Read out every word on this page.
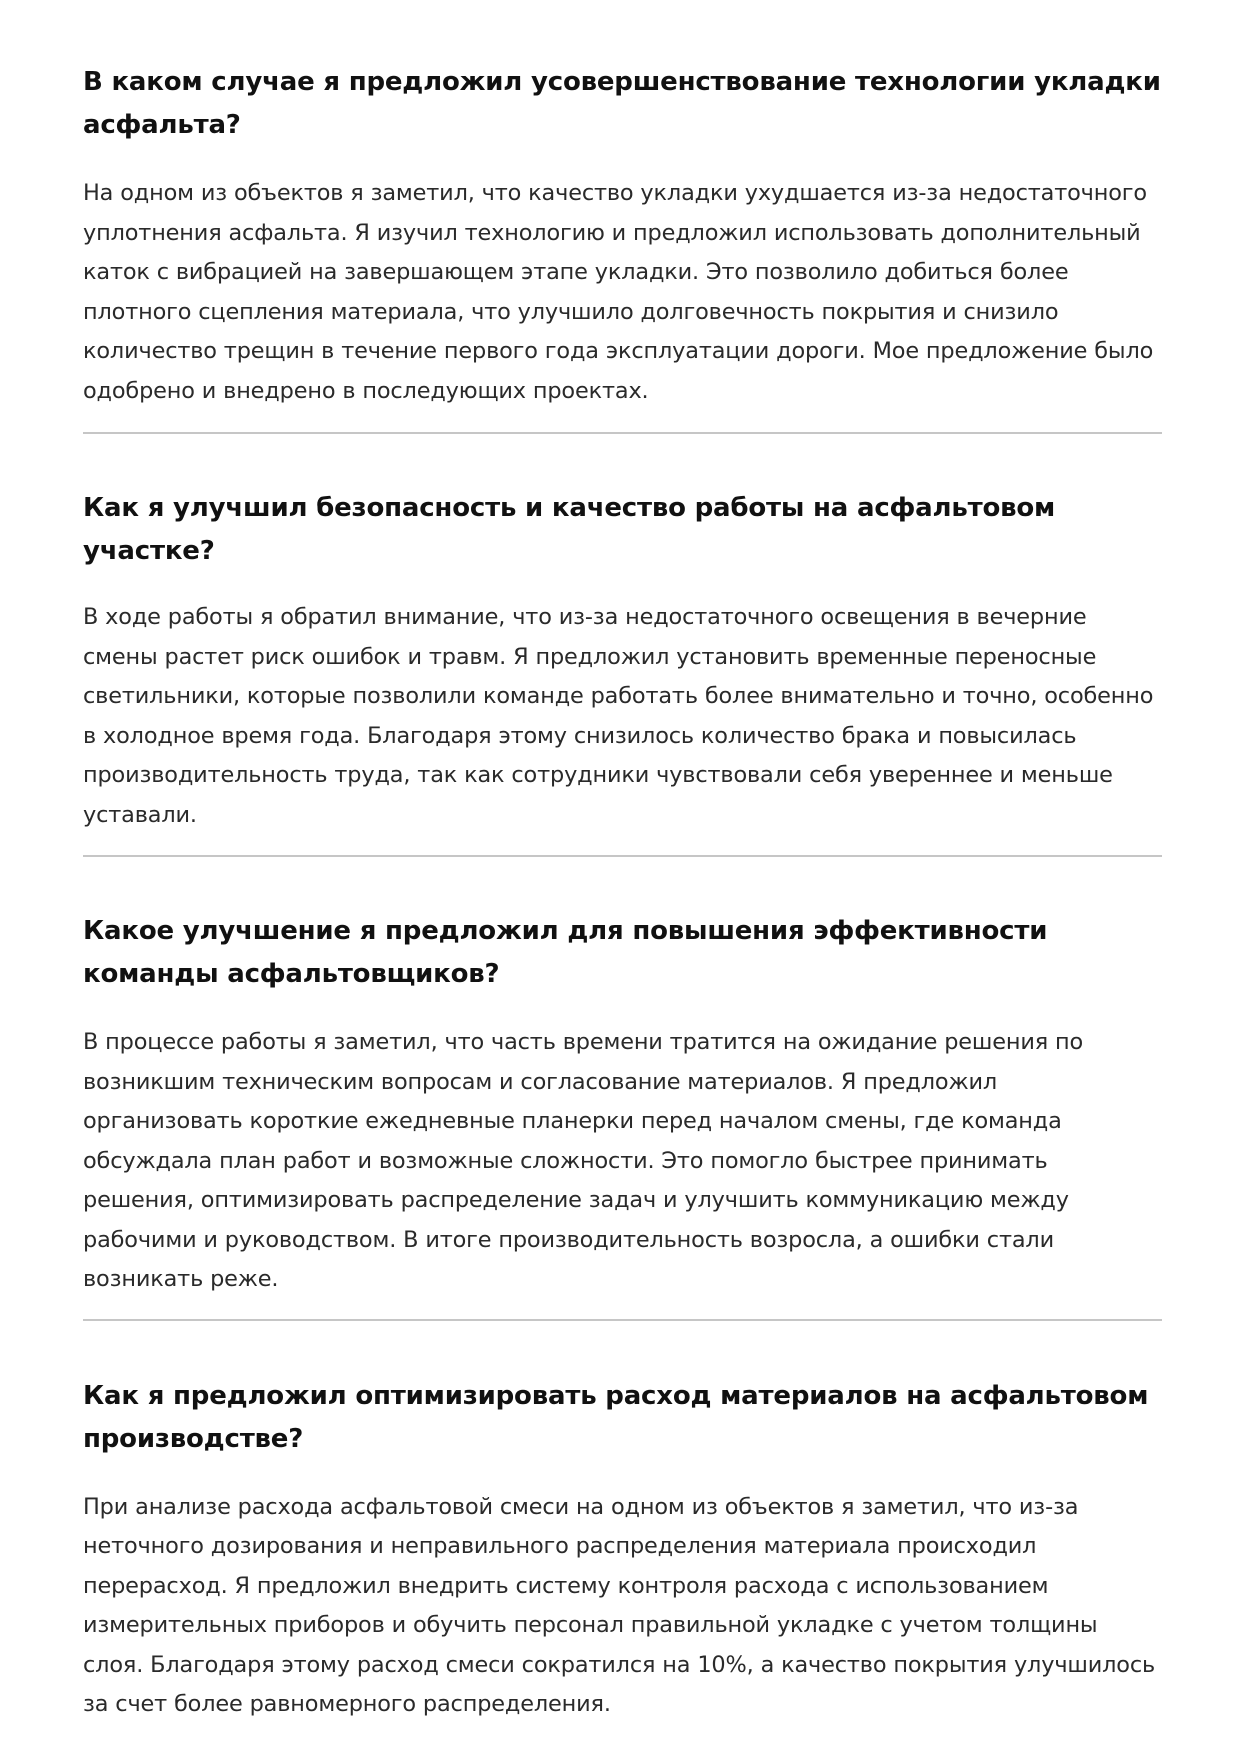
В каком случае я предложил усовершенствование технологии укладки асфальта?

На одном из объектов я заметил, что качество укладки ухудшается из-за недостаточного уплотнения асфальта. Я изучил технологию и предложил использовать дополнительный каток с вибрацией на завершающем этапе укладки. Это позволило добиться более плотного сцепления материала, что улучшило долговечность покрытия и снизило количество трещин в течение первого года эксплуатации дороги. Мое предложение было одобрено и внедрено в последующих проектах.

Как я улучшил безопасность и качество работы на асфальтовом участке?

В ходе работы я обратил внимание, что из-за недостаточного освещения в вечерние смены растет риск ошибок и травм. Я предложил установить временные переносные светильники, которые позволили команде работать более внимательно и точно, особенно в холодное время года. Благодаря этому снизилось количество брака и повысилась производительность труда, так как сотрудники чувствовали себя увереннее и меньше уставали.

Какое улучшение я предложил для повышения эффективности команды асфальтовщиков?

В процессе работы я заметил, что часть времени тратится на ожидание решения по возникшим техническим вопросам и согласование материалов. Я предложил организовать короткие ежедневные планерки перед началом смены, где команда обсуждала план работ и возможные сложности. Это помогло быстрее принимать решения, оптимизировать распределение задач и улучшить коммуникацию между рабочими и руководством. В итоге производительность возросла, а ошибки стали возникать реже.

Как я предложил оптимизировать расход материалов на асфальтовом производстве?

При анализе расхода асфальтовой смеси на одном из объектов я заметил, что из-за неточного дозирования и неправильного распределения материала происходил перерасход. Я предложил внедрить систему контроля расхода с использованием измерительных приборов и обучить персонал правильной укладке с учетом толщины слоя. Благодаря этому расход смеси сократился на 10%, а качество покрытия улучшилось за счет более равномерного распределения.
